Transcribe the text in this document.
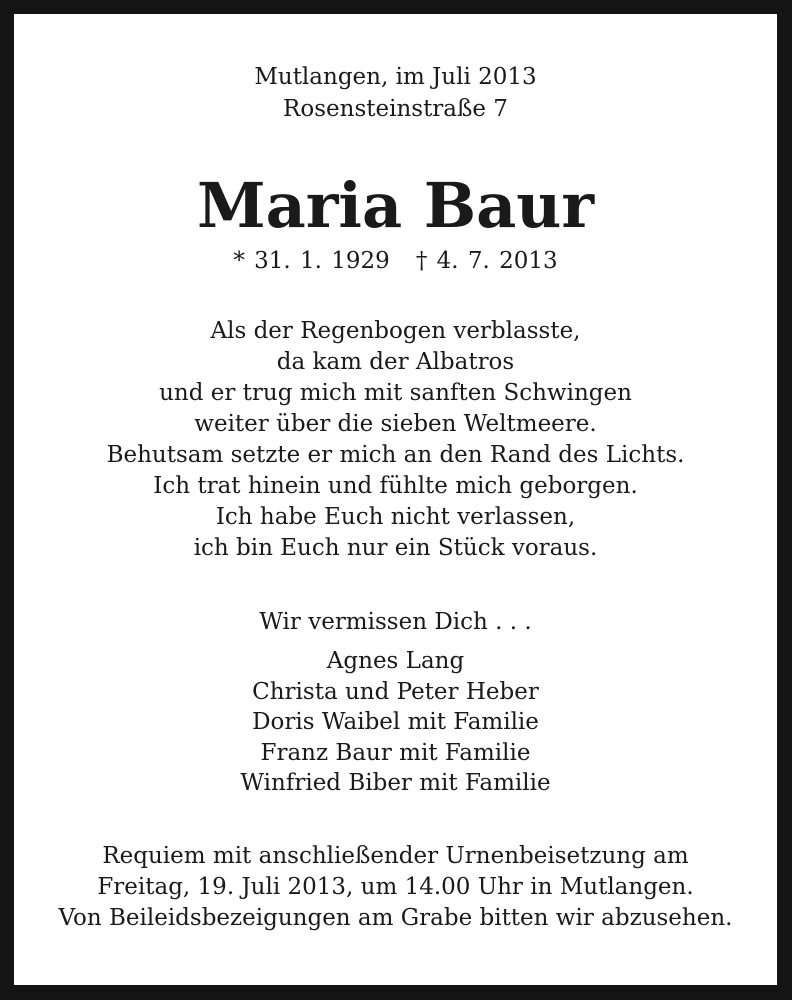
Mutlangen, im Juli 2013
Rosensteinstraße 7
Maria Baur
* 31. 1. 1929 † 4. 7. 2013
Als der Regenbogen verblasste,
da kam der Albatros
und er trug mich mit sanften Schwingen
weiter über die sieben Weltmeere.
Behutsam setzte er mich an den Rand des Lichts.
Ich trat hinein und fühlte mich geborgen.
Ich habe Euch nicht verlassen,
ich bin Euch nur ein Stück voraus.
Wir vermissen Dich . . .
Agnes Lang
Christa und Peter Heber
Doris Waibel mit Familie
Franz Baur mit Familie
Winfried Biber mit Familie
Requiem mit anschließender Urnenbeisetzung am
Freitag, 19. Juli 2013, um 14.00 Uhr in Mutlangen.
Von Beileidsbezeigungen am Grabe bitten wir abzusehen.
